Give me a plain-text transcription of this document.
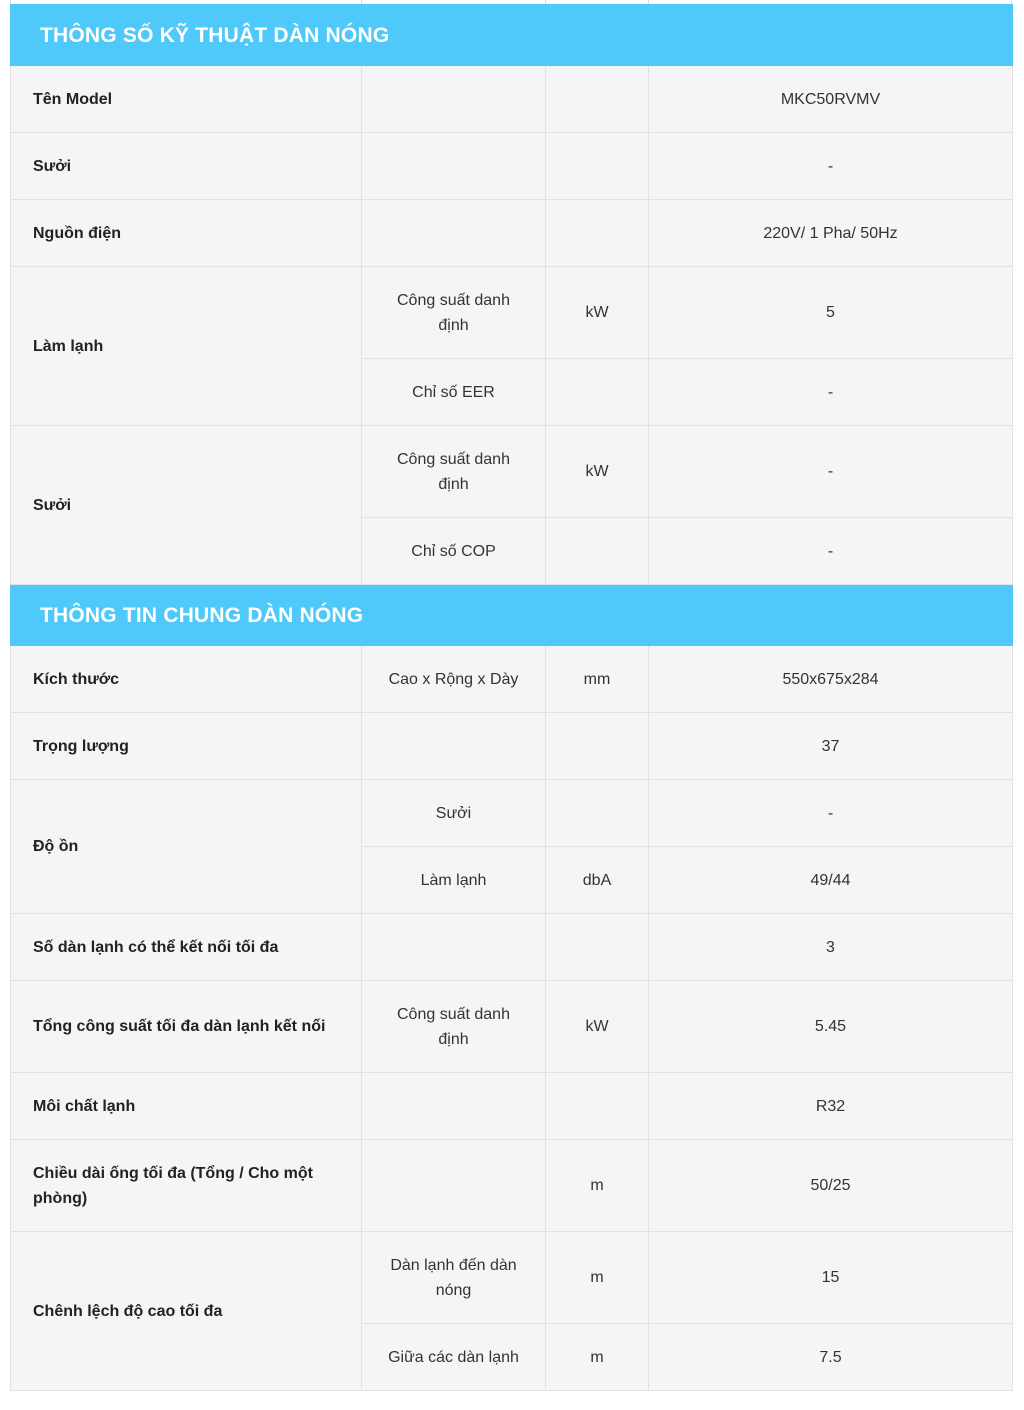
THÔNG SỐ KỸ THUẬT DÀN NÓNG			
Tên Model			MKC50RVMV
Sưởi			-
Nguồn điện			220V/ 1 Pha/ 50Hz
Làm lạnh	Công suất danh định	kW	5
	Chỉ số EER		-
Sưởi	Công suất danh định	kW	-
	Chỉ số COP		-
THÔNG TIN CHUNG DÀN NÓNG			
Kích thước	Cao x Rộng x Dày	mm	550x675x284
Trọng lượng			37
Độ ồn	Sưởi		-
	Làm lạnh	dbA	49/44
Số dàn lạnh có thể kết nối tối đa			3
Tổng công suất tối đa dàn lạnh kết nối	Công suất danh định	kW	5.45
Môi chất lạnh			R32
Chiều dài ống tối đa (Tổng / Cho một phòng)		m	50/25
Chênh lệch độ cao tối đa	Dàn lạnh đến dàn nóng	m	15
	Giữa các dàn lạnh	m	7.5
